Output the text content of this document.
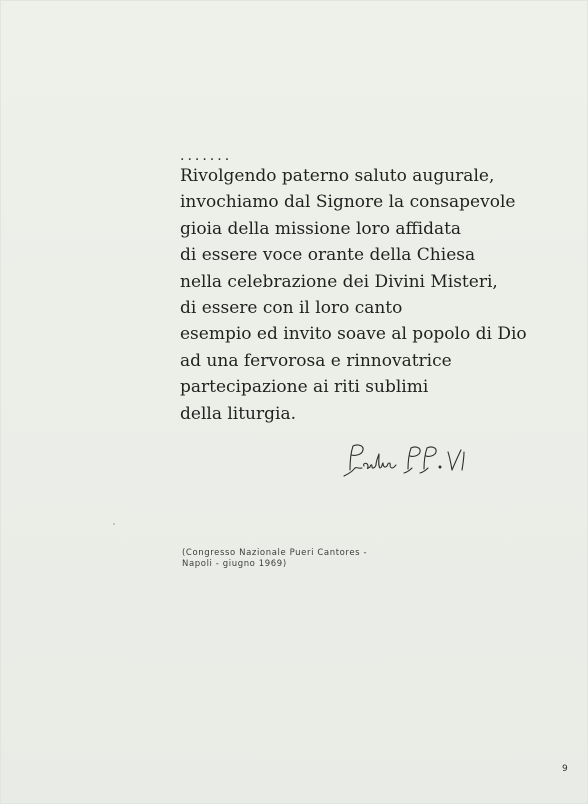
.......
Rivolgendo paterno saluto augurale,
invochiamo dal Signore la consapevole
gioia della missione loro affidata
di essere voce orante della Chiesa
nella celebrazione dei Divini Misteri,
di essere con il loro canto
esempio ed invito soave al popolo di Dio
ad una fervorosa e rinnovatrice
partecipazione ai riti sublimi
della liturgia.
(Congresso Nazionale Pueri Cantores -
Napoli - giugno 1969)
9
